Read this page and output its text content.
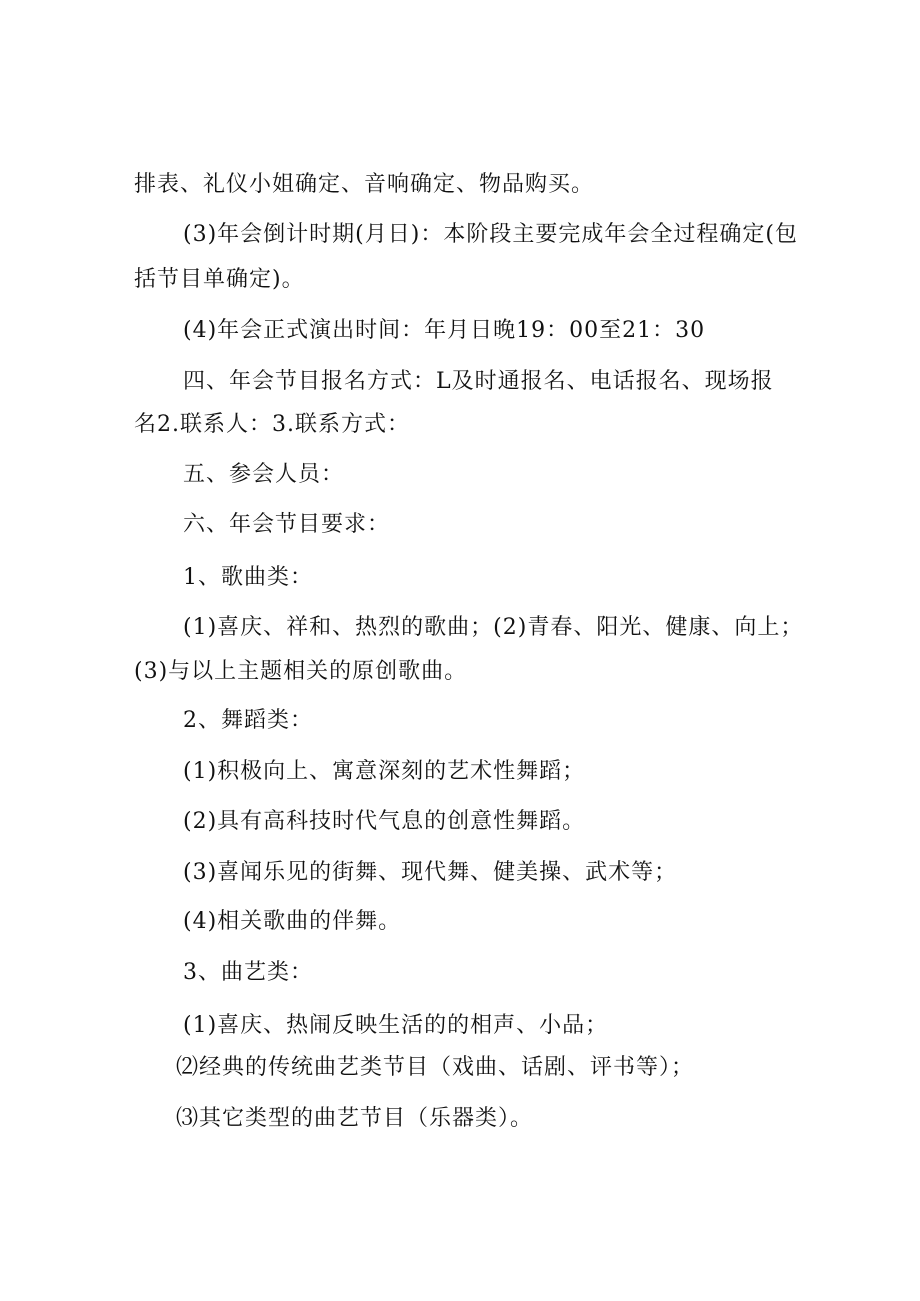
排表、礼仪小姐确定、音响确定、物品购买。
(3)年会倒计时期(月日)：本阶段主要完成年会全过程确定(包
括节目单确定)。
(4)年会正式演出时间：年月日晚19：00至21：30
四、年会节目报名方式：L及时通报名、电话报名、现场报
名2.联系人：3.联系方式：
五、参会人员：
六、年会节目要求：
1、歌曲类：
(1)喜庆、祥和、热烈的歌曲；(2)青春、阳光、健康、向上；
(3)与以上主题相关的原创歌曲。
2、舞蹈类：
(1)积极向上、寓意深刻的艺术性舞蹈；
(2)具有高科技时代气息的创意性舞蹈。
(3)喜闻乐见的街舞、现代舞、健美操、武术等；
(4)相关歌曲的伴舞。
3、曲艺类：
(1)喜庆、热闹反映生活的的相声、小品；
⑵经典的传统曲艺类节目（戏曲、话剧、评书等）；
⑶其它类型的曲艺节目（乐器类）。
